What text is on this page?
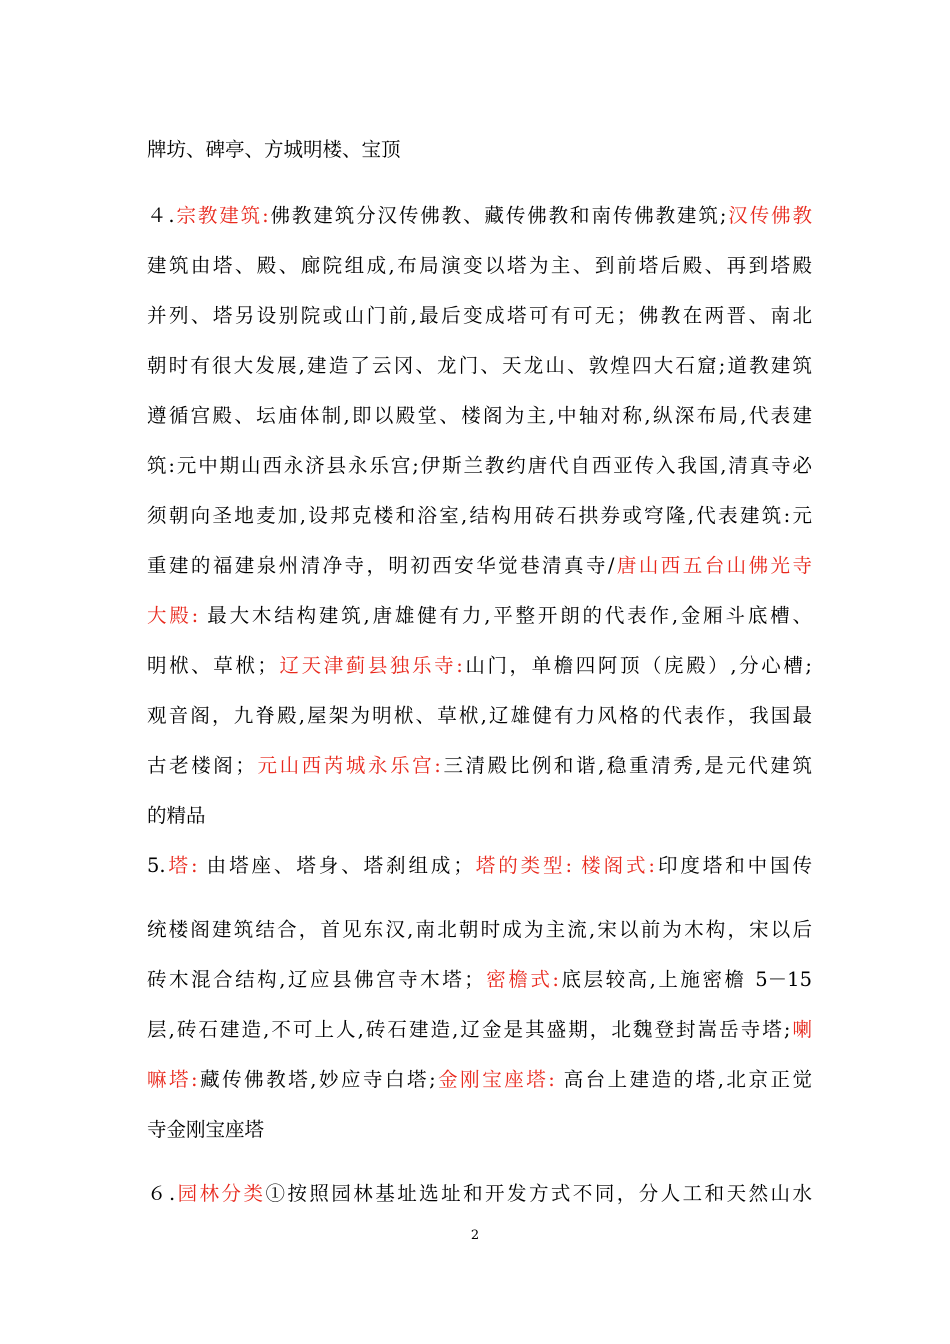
牌坊、碑亭、方城明楼、宝顶
４.宗教建筑:佛教建筑分汉传佛教、藏传佛教和南传佛教建筑;汉传佛教
建筑由塔、殿、廊院组成,布局演变以塔为主、到前塔后殿、再到塔殿
并列、塔另设别院或山门前,最后变成塔可有可无；佛教在两晋、南北
朝时有很大发展,建造了云冈、龙门、天龙山、敦煌四大石窟;道教建筑
遵循宫殿、坛庙体制,即以殿堂、楼阁为主,中轴对称,纵深布局,代表建
筑:元中期山西永济县永乐宫;伊斯兰教约唐代自西亚传入我国,清真寺必
须朝向圣地麦加,设邦克楼和浴室,结构用砖石拱券或穹隆,代表建筑:元
重建的福建泉州清净寺，明初西安华觉巷清真寺/唐山西五台山佛光寺
大殿: 最大木结构建筑,唐雄健有力,平整开朗的代表作,金厢斗底槽、
明栿、草栿；辽天津蓟县独乐寺:山门，单檐四阿顶（庑殿）,分心槽;
观音阁，九脊殿,屋架为明栿、草栿,辽雄健有力风格的代表作，我国最
古老楼阁；元山西芮城永乐宫:三清殿比例和谐,稳重清秀,是元代建筑
的精品
5.塔: 由塔座、塔身、塔刹组成；塔的类型: 楼阁式:印度塔和中国传
统楼阁建筑结合，首见东汉,南北朝时成为主流,宋以前为木构，宋以后
砖木混合结构,辽应县佛宫寺木塔；密檐式:底层较高,上施密檐 5－15
层,砖石建造,不可上人,砖石建造,辽金是其盛期，北魏登封嵩岳寺塔;喇
嘛塔:藏传佛教塔,妙应寺白塔;金刚宝座塔: 高台上建造的塔,北京正觉
寺金刚宝座塔
６.园林分类①按照园林基址选址和开发方式不同，分人工和天然山水
2
